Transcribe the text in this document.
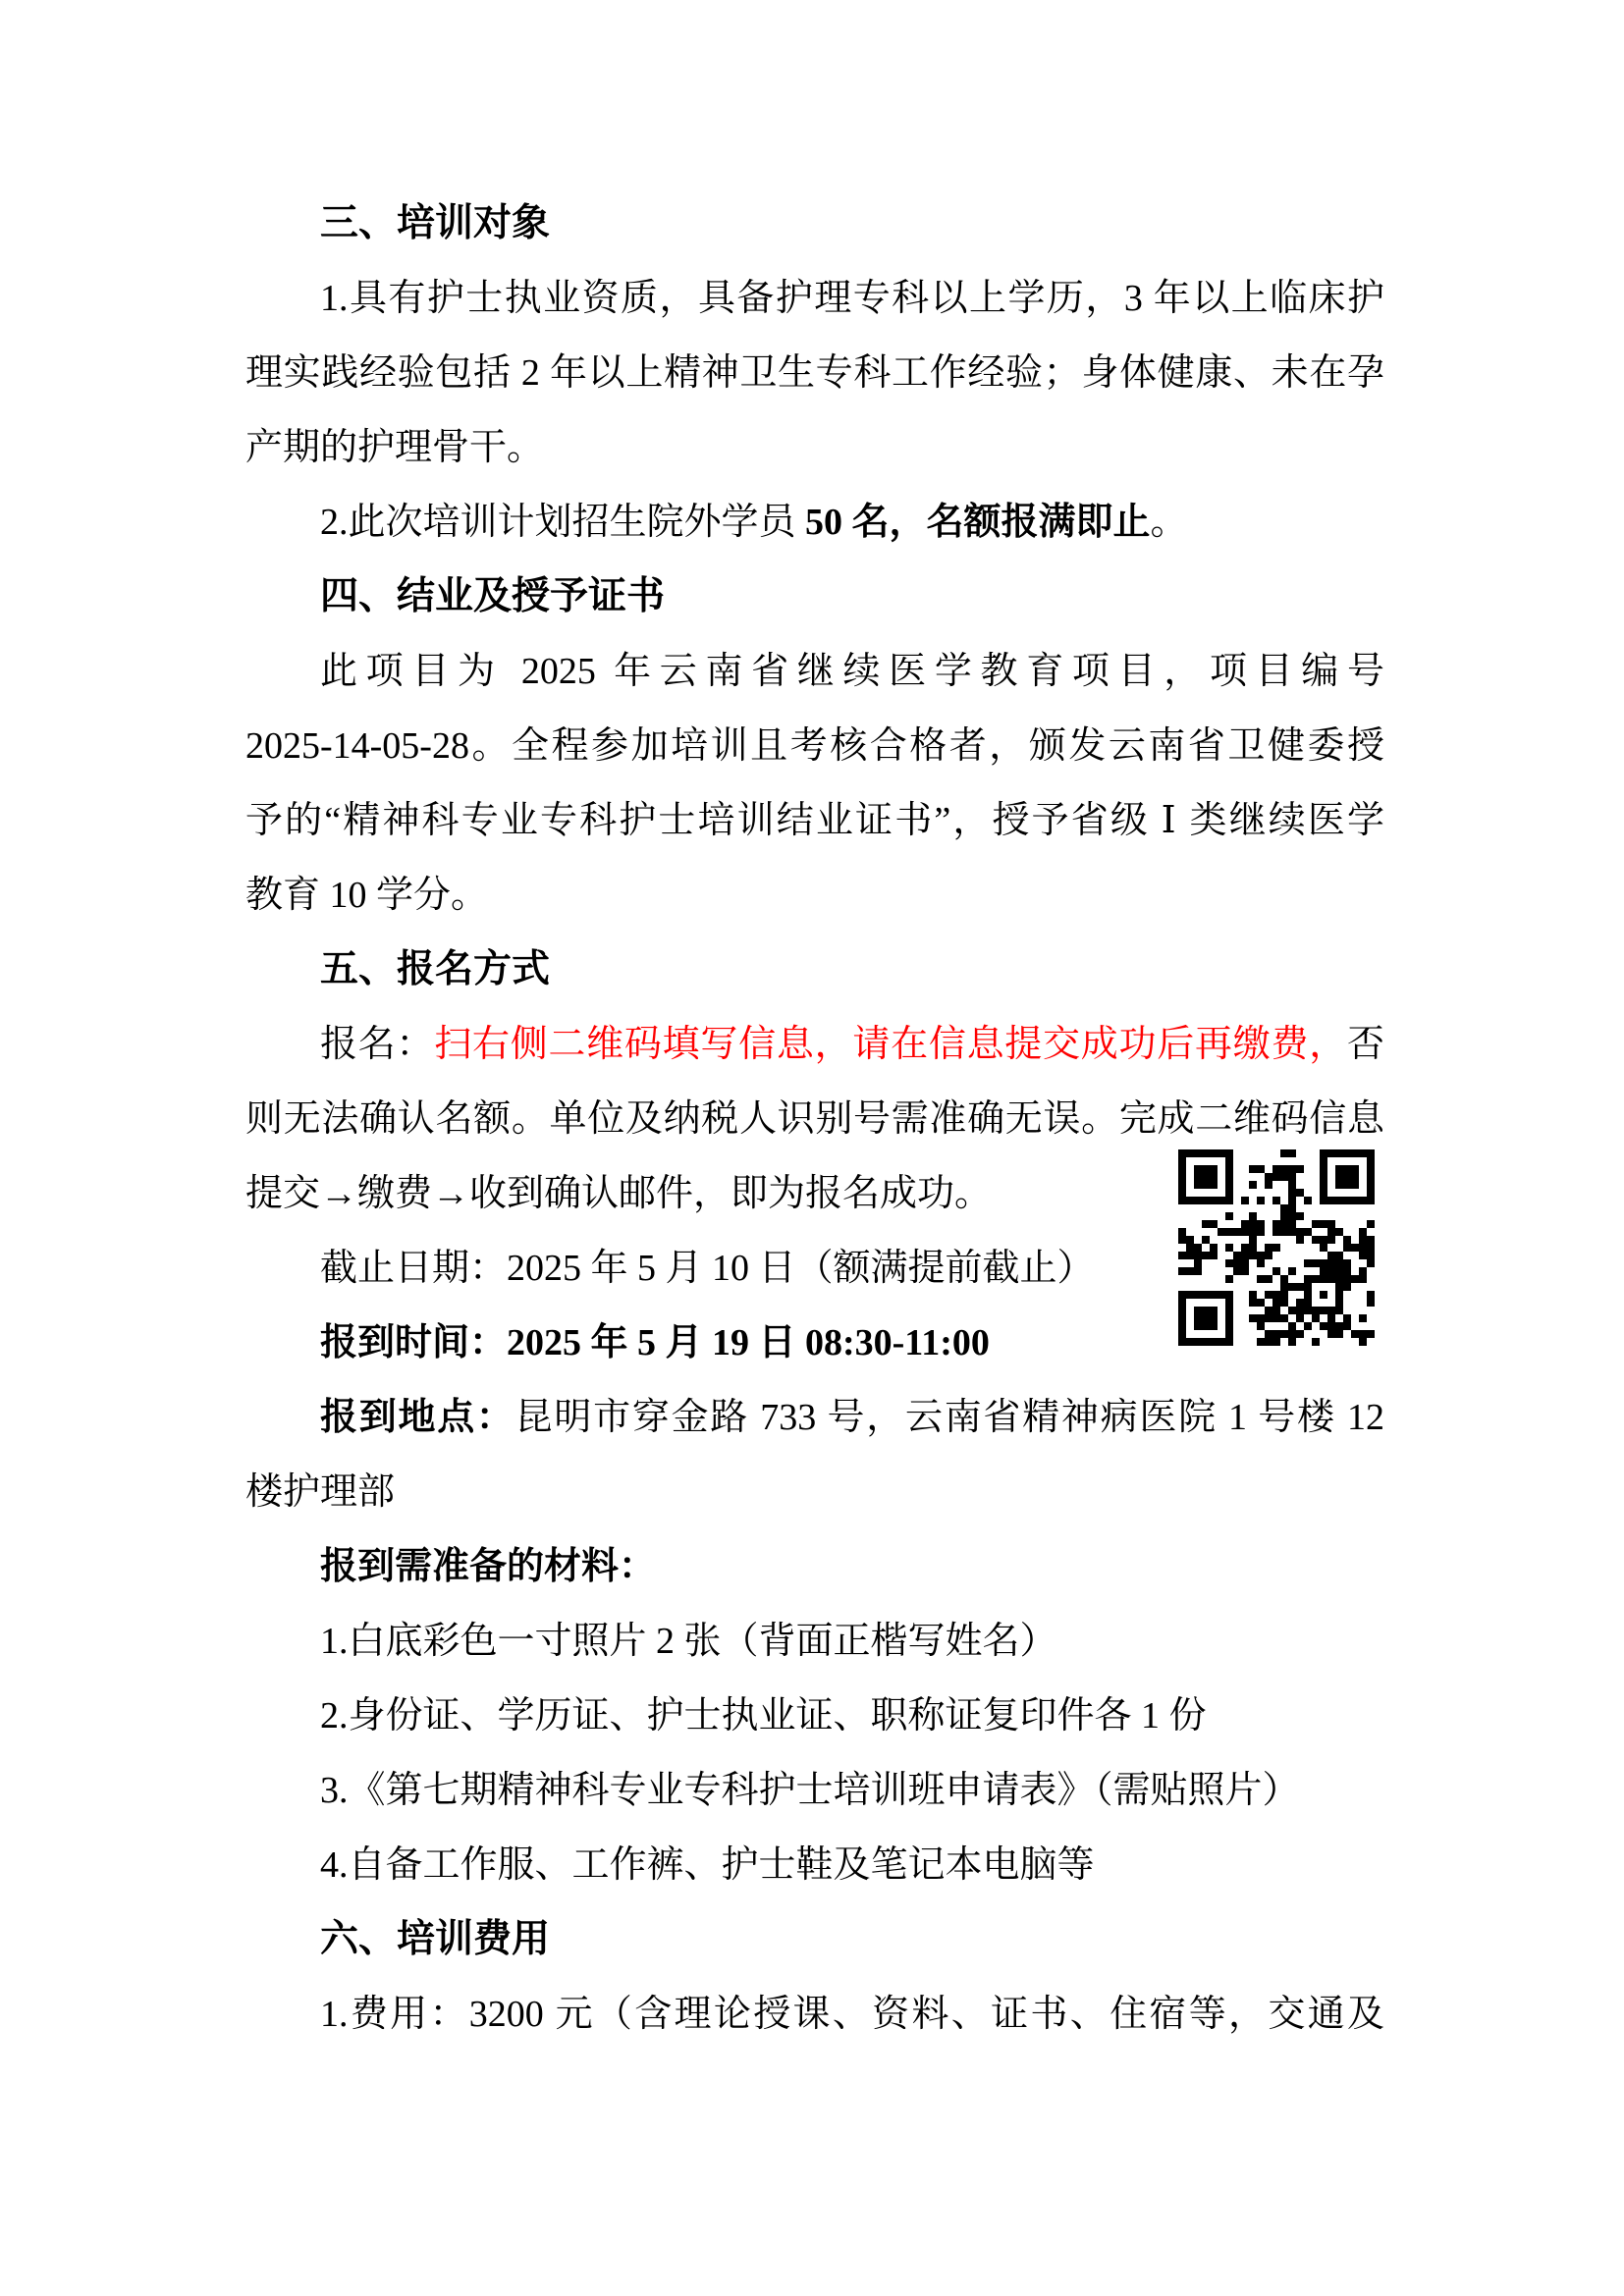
三、培训对象
1.具有护士执业资质，具备护理专科以上学历，3 年以上临床护
理实践经验包括 2 年以上精神卫生专科工作经验；身体健康、未在孕
产期的护理骨干。
2.此次培训计划招生院外学员 50 名，名额报满即止。
四、结业及授予证书
此项目为 2025 年云南省继续医学教育项目，项目编号
2025-14-05-28。全程参加培训且考核合格者，颁发云南省卫健委授
予的“精神科专业专科护士培训结业证书”，授予省级 Ⅰ 类继续医学
教育 10 学分。
五、报名方式
报名：扫右侧二维码填写信息，请在信息提交成功后再缴费，否
则无法确认名额。单位及纳税人识别号需准确无误。完成二维码信息
提交→缴费→收到确认邮件，即为报名成功。
截止日期：2025 年 5 月 10 日（额满提前截止）
报到时间：2025 年 5 月 19 日 08:30-11:00
报到地点：昆明市穿金路 733 号，云南省精神病医院 1 号楼 12
楼护理部
报到需准备的材料：
1.白底彩色一寸照片 2 张（背面正楷写姓名）
2.身份证、学历证、护士执业证、职称证复印件各 1 份
3.《第七期精神科专业专科护士培训班申请表》（需贴照片）
4.自备工作服、工作裤、护士鞋及笔记本电脑等
六、培训费用
1.费用：3200 元（含理论授课、资料、证书、住宿等，交通及
